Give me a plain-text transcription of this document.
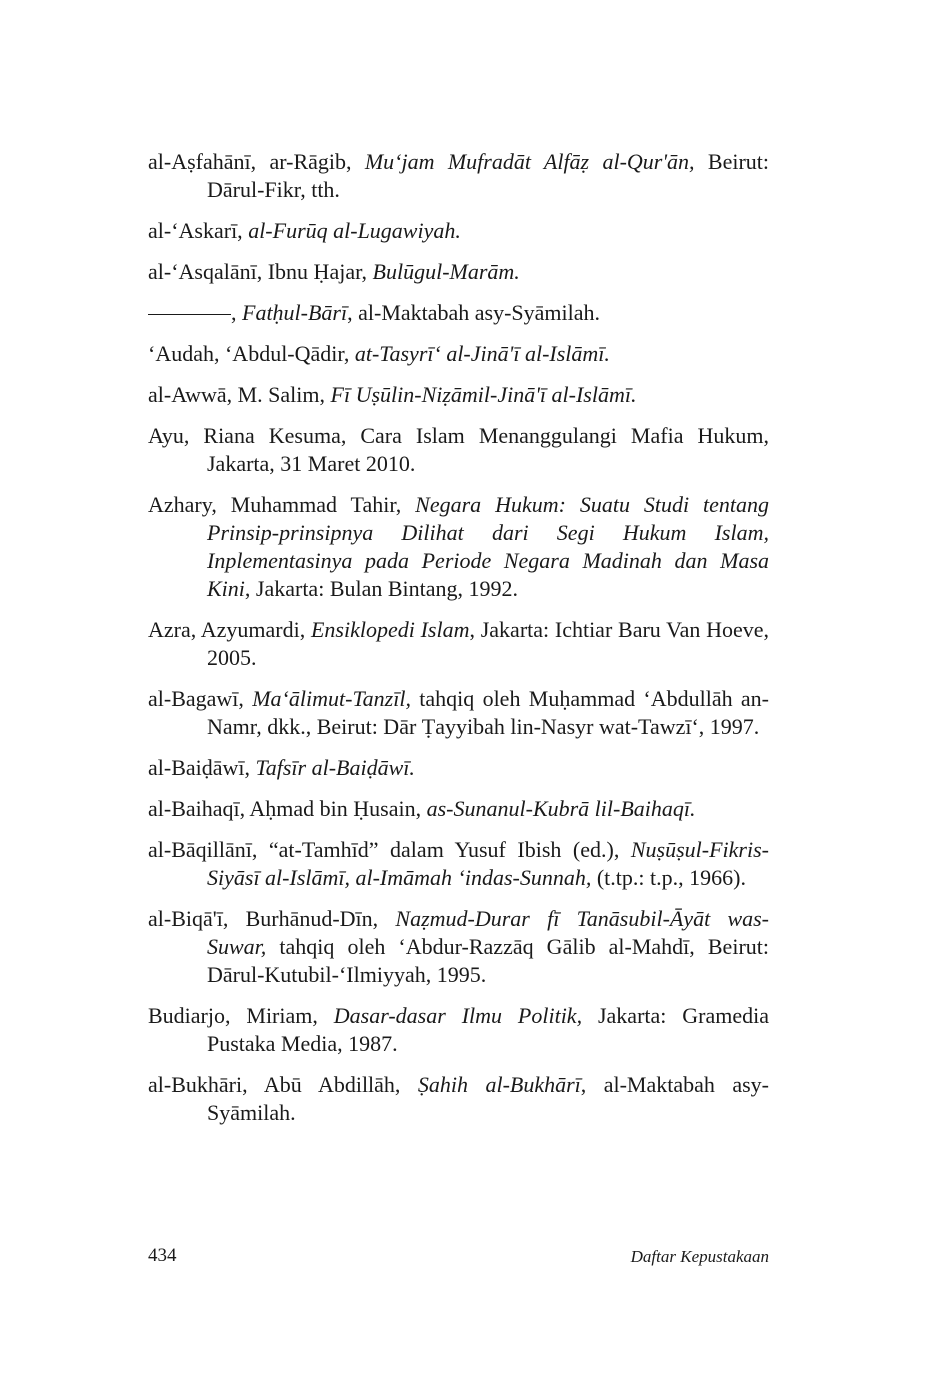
al-Aṣfahānī, ar-Rāgib, Mu‘jam Mufradāt Alfāẓ al-Qur'ān, Beirut: Dārul-Fikr, tth.
al-‘Askarī, al-Furūq al-Lugawiyah.
al-‘Asqalānī, Ibnu Ḥajar, Bulūgul-Marām.
, Fatḥul-Bārī, al-Maktabah asy-Syāmilah.
‘Audah, ‘Abdul-Qādir, at-Tasyrī‘ al-Jinā'ī al-Islāmī.
al-Awwā, M. Salim, Fī Uṣūlin-Niẓāmil-Jinā'ī al-Islāmī.
Ayu, Riana Kesuma, Cara Islam Menanggulangi Mafia Hukum, Jakarta, 31 Maret 2010.
Azhary, Muhammad Tahir, Negara Hukum: Suatu Studi tentang Prinsip-prinsipnya Dilihat dari Segi Hukum Islam, Inplementasinya pada Periode Negara Madinah dan Masa Kini, Jakarta: Bulan Bintang, 1992.
Azra, Azyumardi, Ensiklopedi Islam, Jakarta: Ichtiar Baru Van Hoeve, 2005.
al-Bagawī, Ma‘ālimut-Tanzīl, tahqiq oleh Muḥammad ‘Abdullāh an-Namr, dkk., Beirut: Dār Ṭayyibah lin-Nasyr wat-Tawzī‘, 1997.
al-Baiḍāwī, Tafsīr al-Baiḍāwī.
al-Baihaqī, Aḥmad bin Ḥusain, as-Sunanul-Kubrā lil-Baihaqī.
al-Bāqillānī, “at-Tamhīd” dalam Yusuf Ibish (ed.), Nuṣūṣul-Fikris-Siyāsī al-Islāmī, al-Imāmah ‘indas-Sunnah, (t.tp.: t.p., 1966).
al-Biqā'ī, Burhānud-Dīn, Naẓmud-Durar fī Tanāsubil-Āyāt was-Suwar, tahqiq oleh ‘Abdur-Razzāq Gālib al-Mahdī, Beirut: Dārul-Kutubil-‘Ilmiyyah, 1995.
Budiarjo, Miriam, Dasar-dasar Ilmu Politik, Jakarta: Gramedia Pustaka Media, 1987.
al-Bukhāri, Abū Abdillāh, Ṣahih al-Bukhārī, al-Maktabah asy-Syāmilah.
434	Daftar Kepustakaan
